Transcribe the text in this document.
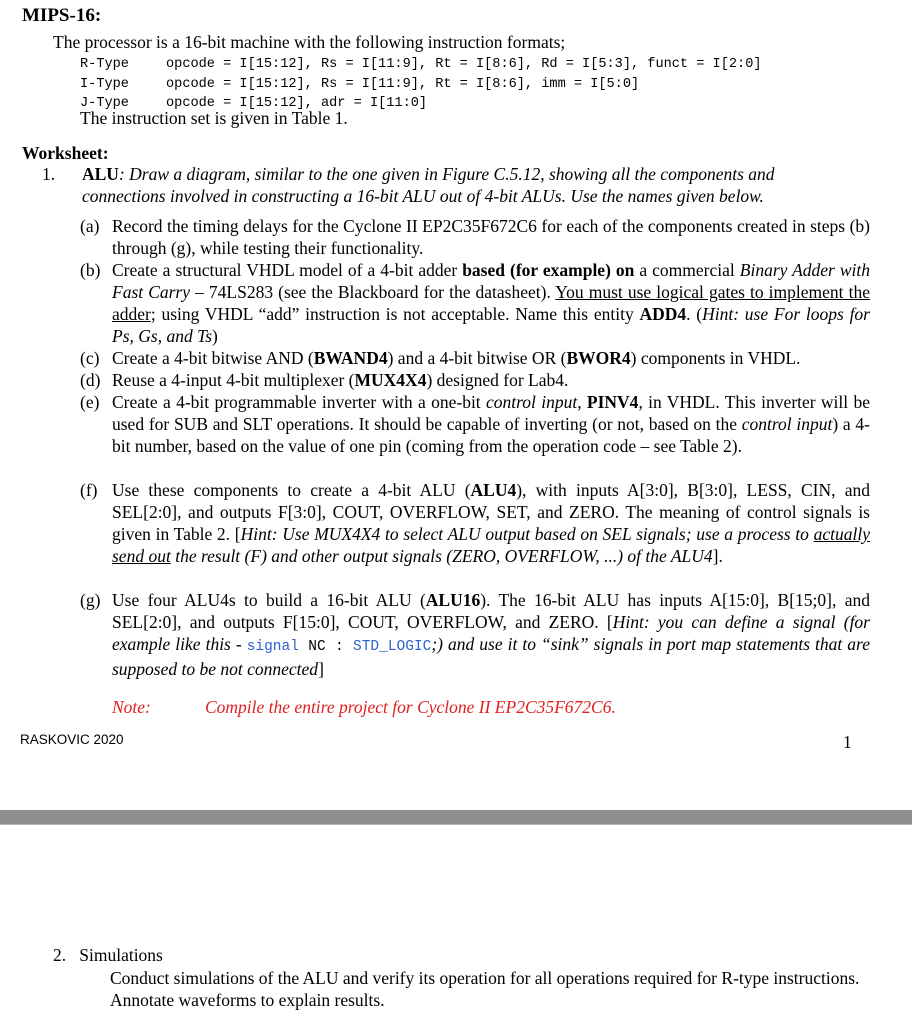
MIPS-16:
The processor is a 16-bit machine with the following instruction formats;
R-Type	opcode = I[15:12], Rs = I[11:9], Rt = I[8:6], Rd = I[5:3], funct = I[2:0]
I-Type	opcode = I[15:12], Rs = I[11:9], Rt = I[8:6], imm = I[5:0]
J-Type	opcode = I[15:12], adr = I[11:0]
The instruction set is given in Table 1.
Worksheet:
1. ALU: Draw a diagram, similar to the one given in Figure C.5.12, showing all the components and connections involved in constructing a 16-bit ALU out of 4-bit ALUs. Use the names given below.
(a) Record the timing delays for the Cyclone II EP2C35F672C6 for each of the components created in steps (b) through (g), while testing their functionality.
(b) Create a structural VHDL model of a 4-bit adder based (for example) on a commercial Binary Adder with Fast Carry – 74LS283 (see the Blackboard for the datasheet). You must use logical gates to implement the adder; using VHDL “add” instruction is not acceptable. Name this entity ADD4. (Hint: use For loops for Ps, Gs, and Ts)
(c) Create a 4-bit bitwise AND (BWAND4) and a 4-bit bitwise OR (BWOR4) components in VHDL.
(d) Reuse a 4-input 4-bit multiplexer (MUX4X4) designed for Lab4.
(e) Create a 4-bit programmable inverter with a one-bit control input, PINV4, in VHDL. This inverter will be used for SUB and SLT operations. It should be capable of inverting (or not, based on the control input) a 4-bit number, based on the value of one pin (coming from the operation code – see Table 2).
(f) Use these components to create a 4-bit ALU (ALU4), with inputs A[3:0], B[3:0], LESS, CIN, and SEL[2:0], and outputs F[3:0], COUT, OVERFLOW, SET, and ZERO. The meaning of control signals is given in Table 2. [Hint: Use MUX4X4 to select ALU output based on SEL signals; use a process to actually send out the result (F) and other output signals (ZERO, OVERFLOW, ...) of the ALU4].
(g) Use four ALU4s to build a 16-bit ALU (ALU16). The 16-bit ALU has inputs A[15:0], B[15;0], and SEL[2:0], and outputs F[15:0], COUT, OVERFLOW, and ZERO. [Hint: you can define a signal (for example like this - signal NC : STD_LOGIC;) and use it to “sink” signals in port map statements that are supposed to be not connected]
Note:	Compile the entire project for Cyclone II EP2C35F672C6.
RASKOVIC 2020	1
2.   Simulations
Conduct simulations of the ALU and verify its operation for all operations required for R-type instructions. Annotate waveforms to explain results.
